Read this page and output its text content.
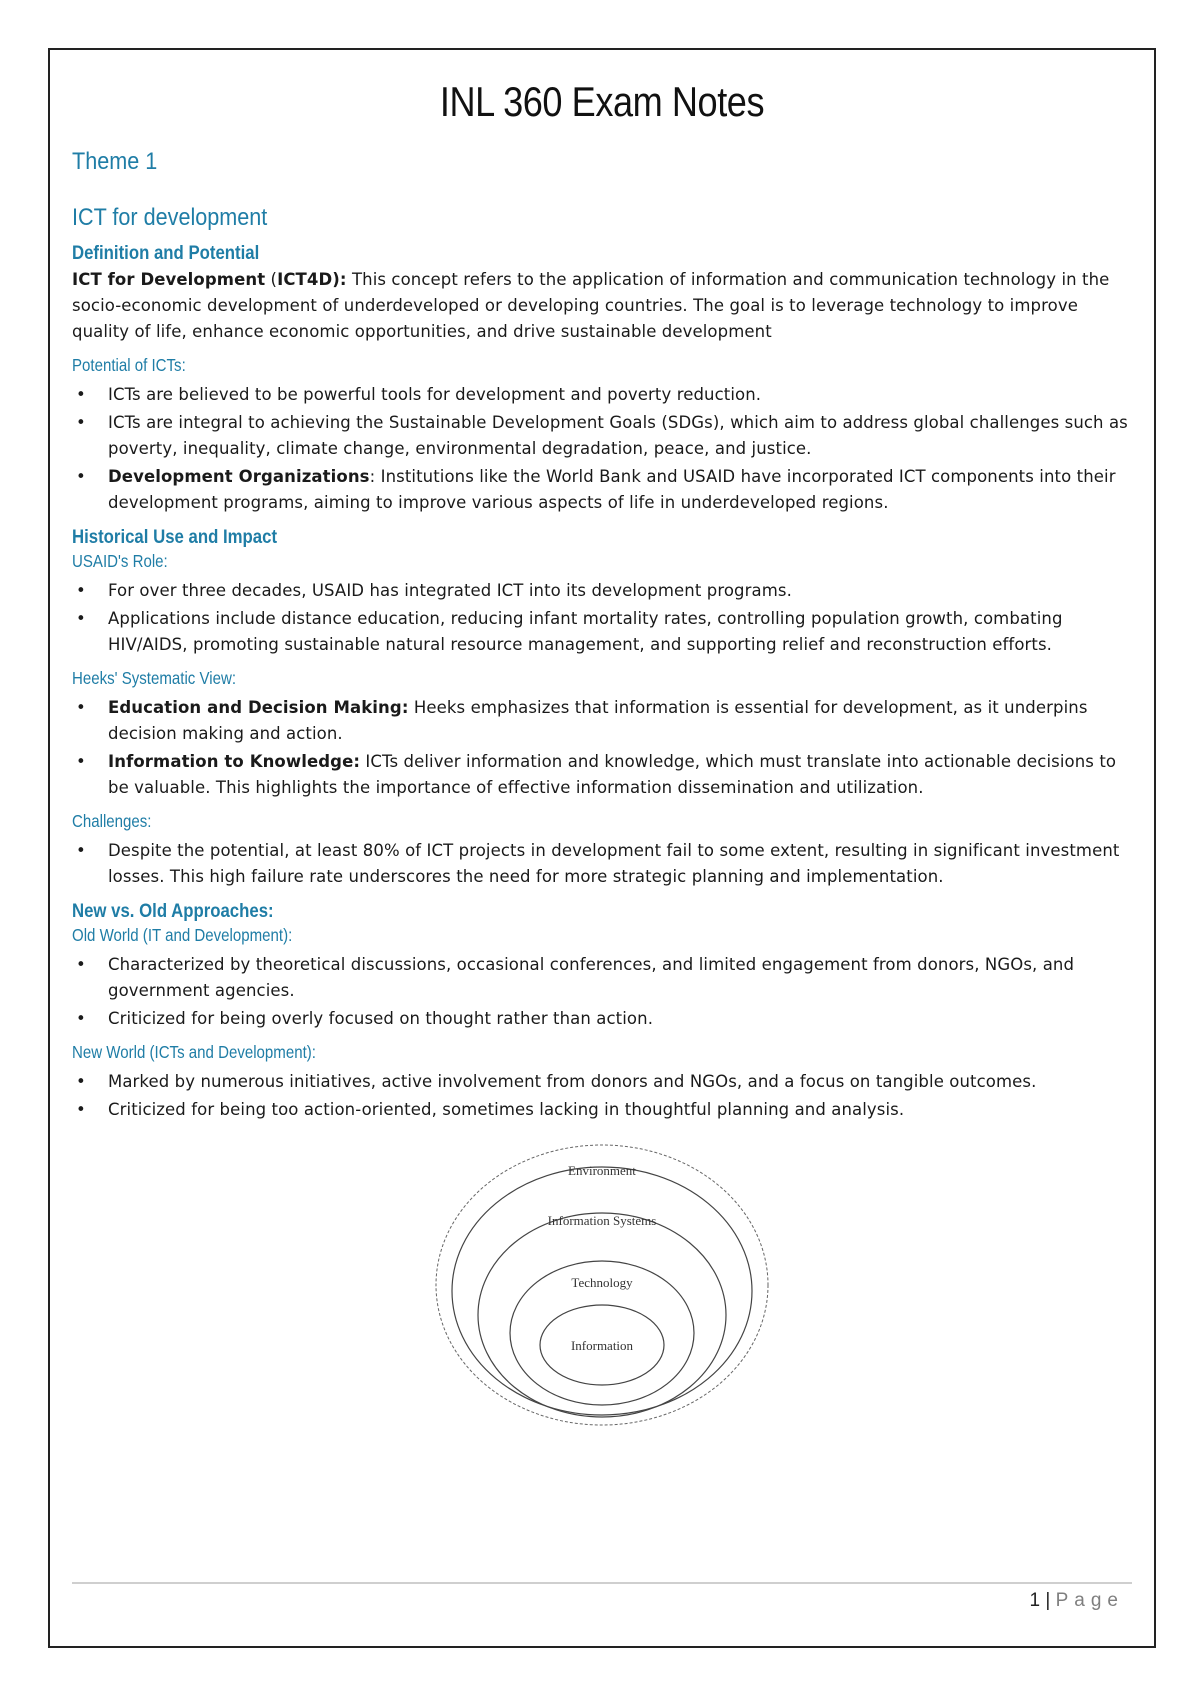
INL 360 Exam Notes
Theme 1
ICT for development
Definition and Potential

ICT for Development (ICT4D): This concept refers to the application of information and communication technology in the socio-economic development of underdeveloped or developing countries. The goal is to leverage technology to improve quality of life, enhance economic opportunities, and drive sustainable development

Potential of ICTs:
• ICTs are believed to be powerful tools for development and poverty reduction.
• ICTs are integral to achieving the Sustainable Development Goals (SDGs), which aim to address global challenges such as poverty, inequality, climate change, environmental degradation, peace, and justice.
• Development Organizations: Institutions like the World Bank and USAID have incorporated ICT components into their development programs, aiming to improve various aspects of life in underdeveloped regions.
Historical Use and Impact
USAID's Role:
• For over three decades, USAID has integrated ICT into its development programs.
• Applications include distance education, reducing infant mortality rates, controlling population growth, combating HIV/AIDS, promoting sustainable natural resource management, and supporting relief and reconstruction efforts.
Heeks' Systematic View:
• Education and Decision Making: Heeks emphasizes that information is essential for development, as it underpins decision making and action.
• Information to Knowledge: ICTs deliver information and knowledge, which must translate into actionable decisions to be valuable. This highlights the importance of effective information dissemination and utilization.
Challenges:
• Despite the potential, at least 80% of ICT projects in development fail to some extent, resulting in significant investment losses. This high failure rate underscores the need for more strategic planning and implementation.
New vs. Old Approaches:
Old World (IT and Development):
• Characterized by theoretical discussions, occasional conferences, and limited engagement from donors, NGOs, and government agencies.
• Criticized for being overly focused on thought rather than action.
New World (ICTs and Development):
• Marked by numerous initiatives, active involvement from donors and NGOs, and a focus on tangible outcomes.
• Criticized for being too action-oriented, sometimes lacking in thoughtful planning and analysis.
Environment
Information Systems
Technology
Information
1 | Page
